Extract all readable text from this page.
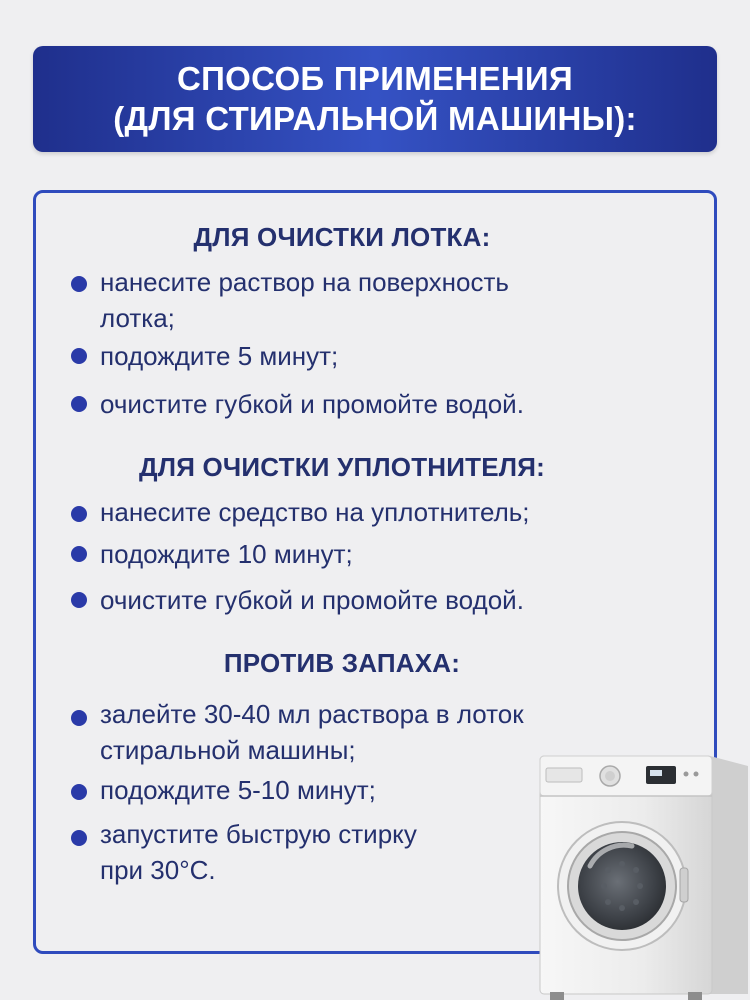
СПОСОБ ПРИМЕНЕНИЯ
(ДЛЯ СТИРАЛЬНОЙ МАШИНЫ):
ДЛЯ ОЧИСТКИ ЛОТКА:
нанесите раствор на поверхность
лотка;
подождите 5 минут;
очистите губкой и промойте водой.
ДЛЯ ОЧИСТКИ УПЛОТНИТЕЛЯ:
нанесите средство на уплотнитель;
подождите 10 минут;
очистите губкой и промойте водой.
ПРОТИВ ЗАПАХА:
залейте 30-40 мл раствора в лоток
стиральной машины;
подождите 5-10 минут;
запустите быструю стирку
при 30°C.
